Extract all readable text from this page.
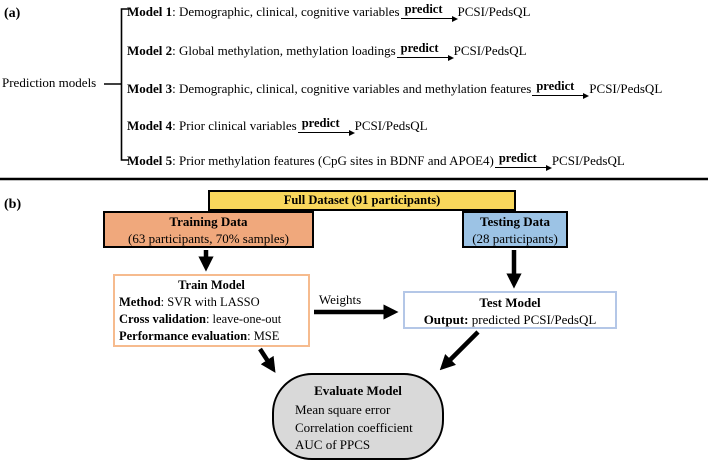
(a)
Prediction models
Model 1: Demographic, clinical, cognitive variables predict PCSI/PedsQL
Model 2: Global methylation, methylation loadings predict PCSI/PedsQL
Model 3: Demographic, clinical, cognitive variables and methylation features predict PCSI/PedsQL
Model 4: Prior clinical variables predict PCSI/PedsQL
Model 5: Prior methylation features (CpG sites in BDNF and APOE4) predict PCSI/PedsQL
(b)	Full Dataset (91 participants)
Training Data
(63 participants, 70% samples)
Testing Data
(28 participants)
Train Model
Method: SVR with LASSO
Cross validation: leave-one-out
Performance evaluation: MSE
Weights	Test Model
Output: predicted PCSI/PedsQL
Evaluate Model
Mean square error
Correlation coefficient
AUC of PPCS
